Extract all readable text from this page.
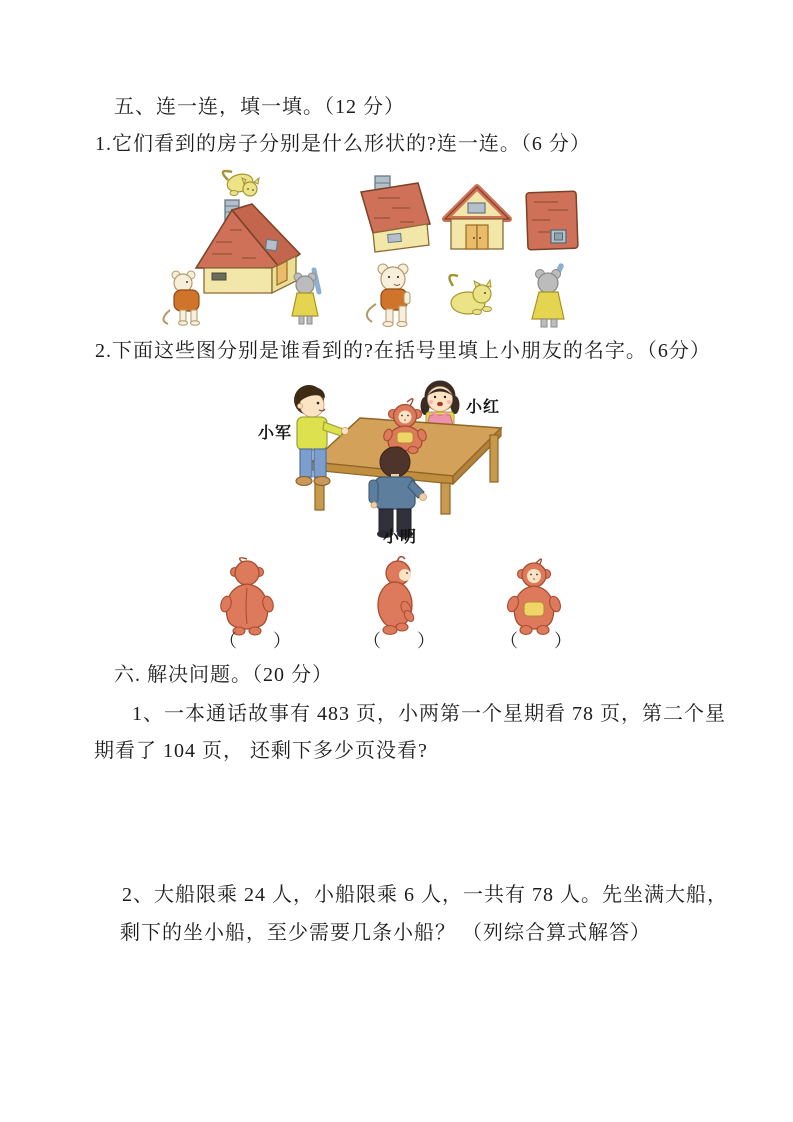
五、连一连，填一填。（12 分）
1.它们看到的房子分别是什么形状的?连一连。（6 分）
2.下面这些图分别是谁看到的?在括号里填上小朋友的名字。（6分）
小军
小红
小明
（　　）	（　　）	（　　）
六. 解决问题。（20 分）
1、一本通话故事有 483 页，小两第一个星期看 78 页，第二个星
期看了 104 页， 还剩下多少页没看?
2、大船限乘 24 人，小船限乘 6 人，一共有 78 人。先坐满大船，
剩下的坐小船，至少需要几条小船？ （列综合算式解答）
